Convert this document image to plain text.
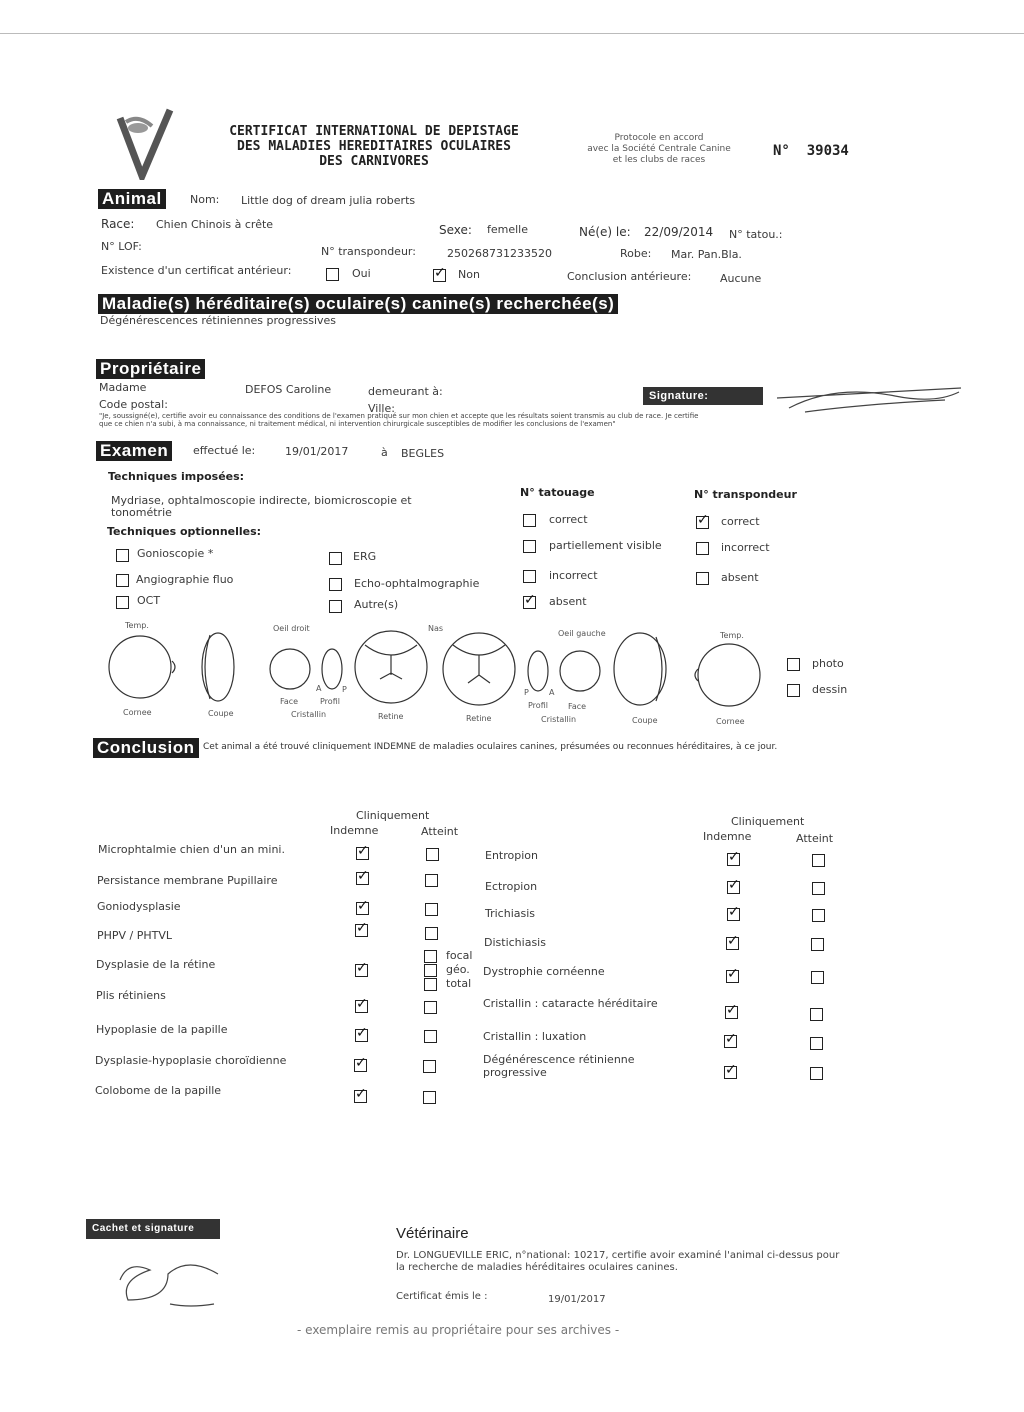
CERTIFICAT INTERNATIONAL DE DEPISTAGE
DES MALADIES HEREDITAIRES OCULAIRES
DES CARNIVORES
Protocole en accord
avec la Société Centrale Canine
et les clubs de races
N° 39034
Animal	Nom: Little dog of dream julia roberts
Race: Chien Chinois à crête	Sexe: femelle	Né(e) le: 22/09/2014 N° tatou.:
N° LOF:	N° transpondeur:	250268731233520	Robe: Mar. Pan.Bla.
Existence d'un certificat antérieur:	Oui
✓	Non	Conclusion antérieure:	Aucune
Maladie(s) héréditaire(s) oculaire(s) canine(s) recherchée(s)
Dégénérescences rétiniennes progressives
Propriétaire
Madame	DEFOS Caroline	demeurant à:	Signature:
Code postal:	Ville:
"Je, soussigné(e), certifie avoir eu connaissance des conditions de l'examen pratiqué sur mon chien et accepte que les résultats soient transmis au club de race. Je certifie
que ce chien n'a subi, à ma connaissance, ni traitement médical, ni intervention chirurgicale susceptibles de modifier les conclusions de l'examen"
Examen	effectué le:	19/01/2017	à BEGLES
Techniques imposées:
Mydriase, ophtalmoscopie indirecte, biomicroscopie et
tonométrie
Techniques optionnelles:
Gonioscopie *	ERG
Angiographie fluo	Echo-ophtalmographie
OCT	Autre(s)
N° tatouage
correct
partiellement visible
incorrect
✓
absent
N° transpondeur
✓
correct
incorrect
absent
Temp.	Oeil droit	Nas
Oeil gauche	Temp.
A	P	P	A
Face	Profil	Profil	Face
Cornee	Coupe	Cristallin	Retine	Retine	Cristallin	Coupe	Cornee
photo
dessin
Conclusion Cet animal a été trouvé cliniquement INDEMNE de maladies oculaires canines, présumées ou reconnues héréditaires, à ce jour.
Cliniquement
Indemne	Atteint
Cliniquement
Indemne	Atteint
Microphtalmie chien d'un an mini.
✓
Persistance membrane Pupillaire
✓
Goniodysplasie
✓
PHPV / PHTVL
✓
Dysplasie de la rétine
✓
focal
géo.
total
Plis rétiniens
✓
Hypoplasie de la papille
✓
Dysplasie-hypoplasie choroïdienne
✓
Colobome de la papille
✓
Entropion
✓
Ectropion
✓
Trichiasis
✓
Distichiasis
✓
Dystrophie cornéenne
✓
Cristallin : cataracte héréditaire
✓
Cristallin : luxation
✓
Dégénérescence rétinienne
progressive
✓
Cachet et signature	Vétérinaire
Dr. LONGUEVILLE ERIC, n°national: 10217, certifie avoir examiné l'animal ci-dessus pour
la recherche de maladies héréditaires oculaires canines.
Certificat émis le :	19/01/2017
- exemplaire remis au propriétaire pour ses archives -
